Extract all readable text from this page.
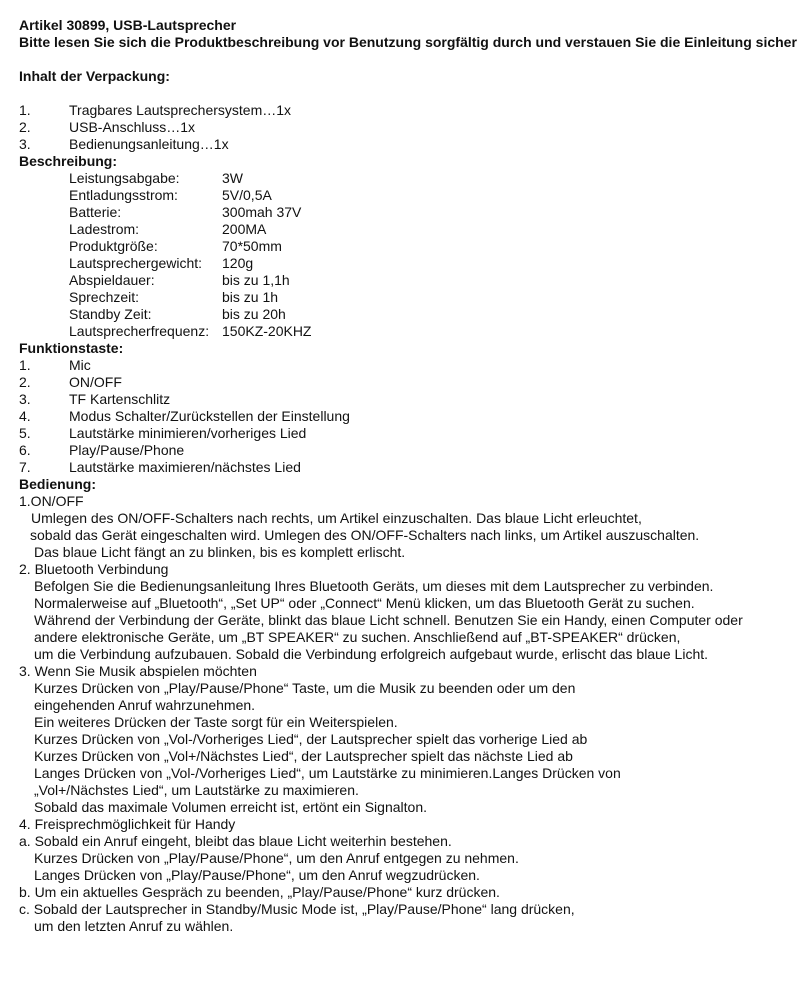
Artikel 30899, USB-Lautsprecher
Bitte lesen Sie sich die Produktbeschreibung vor Benutzung sorgfältig durch und verstauen Sie die Einleitung sicher
Inhalt der Verpackung:
1.	Tragbares Lautsprechersystem…1x
2.	USB-Anschluss…1x
3.	Bedienungsanleitung…1x
Beschreibung:
Leistungsabgabe:	3W
Entladungsstrom:	5V/0,5A
Batterie:	300mah 37V
Ladestrom:	200MA
Produktgröße:	70*50mm
Lautsprechergewicht: 120g
Abspieldauer:	bis zu 1,1h
Sprechzeit:	bis zu 1h
Standby Zeit:	bis zu 20h
Lautsprecherfrequenz: 150KZ-20KHZ
Funktionstaste:
1.	Mic
2.	ON/OFF
3.	TF Kartenschlitz
4.	Modus Schalter/Zurückstellen der Einstellung
5.	Lautstärke minimieren/vorheriges Lied
6.	Play/Pause/Phone
7.	Lautstärke maximieren/nächstes Lied
Bedienung:
1.ON/OFF
Umlegen des ON/OFF-Schalters nach rechts, um Artikel einzuschalten. Das blaue Licht erleuchtet,
sobald das Gerät eingeschalten wird. Umlegen des ON/OFF-Schalters nach links, um Artikel auszuschalten.
Das blaue Licht fängt an zu blinken, bis es komplett erlischt.
2. Bluetooth Verbindung
Befolgen Sie die Bedienungsanleitung Ihres Bluetooth Geräts, um dieses mit dem Lautsprecher zu verbinden.
Normalerweise auf „Bluetooth“, „Set UP“ oder „Connect“ Menü klicken, um das Bluetooth Gerät zu suchen.
Während der Verbindung der Geräte, blinkt das blaue Licht schnell. Benutzen Sie ein Handy, einen Computer oder
andere elektronische Geräte, um „BT SPEAKER“ zu suchen. Anschließend auf „BT-SPEAKER“ drücken,
um die Verbindung aufzubauen. Sobald die Verbindung erfolgreich aufgebaut wurde, erlischt das blaue Licht.
3. Wenn Sie Musik abspielen möchten
Kurzes Drücken von „Play/Pause/Phone“ Taste, um die Musik zu beenden oder um den
eingehenden Anruf wahrzunehmen.
Ein weiteres Drücken der Taste sorgt für ein Weiterspielen.
Kurzes Drücken von „Vol-/Vorheriges Lied“, der Lautsprecher spielt das vorherige Lied ab
Kurzes Drücken von „Vol+/Nächstes Lied“, der Lautsprecher spielt das nächste Lied ab
Langes Drücken von „Vol-/Vorheriges Lied“, um Lautstärke zu minimieren.Langes Drücken von
„Vol+/Nächstes Lied“, um Lautstärke zu maximieren.
Sobald das maximale Volumen erreicht ist, ertönt ein Signalton.
4. Freisprechmöglichkeit für Handy
a. Sobald ein Anruf eingeht, bleibt das blaue Licht weiterhin bestehen.
Kurzes Drücken von „Play/Pause/Phone“, um den Anruf entgegen zu nehmen.
Langes Drücken von „Play/Pause/Phone“, um den Anruf wegzudrücken.
b. Um ein aktuelles Gespräch zu beenden, „Play/Pause/Phone“ kurz drücken.
c. Sobald der Lautsprecher in Standby/Music Mode ist, „Play/Pause/Phone“ lang drücken,
um den letzten Anruf zu wählen.
